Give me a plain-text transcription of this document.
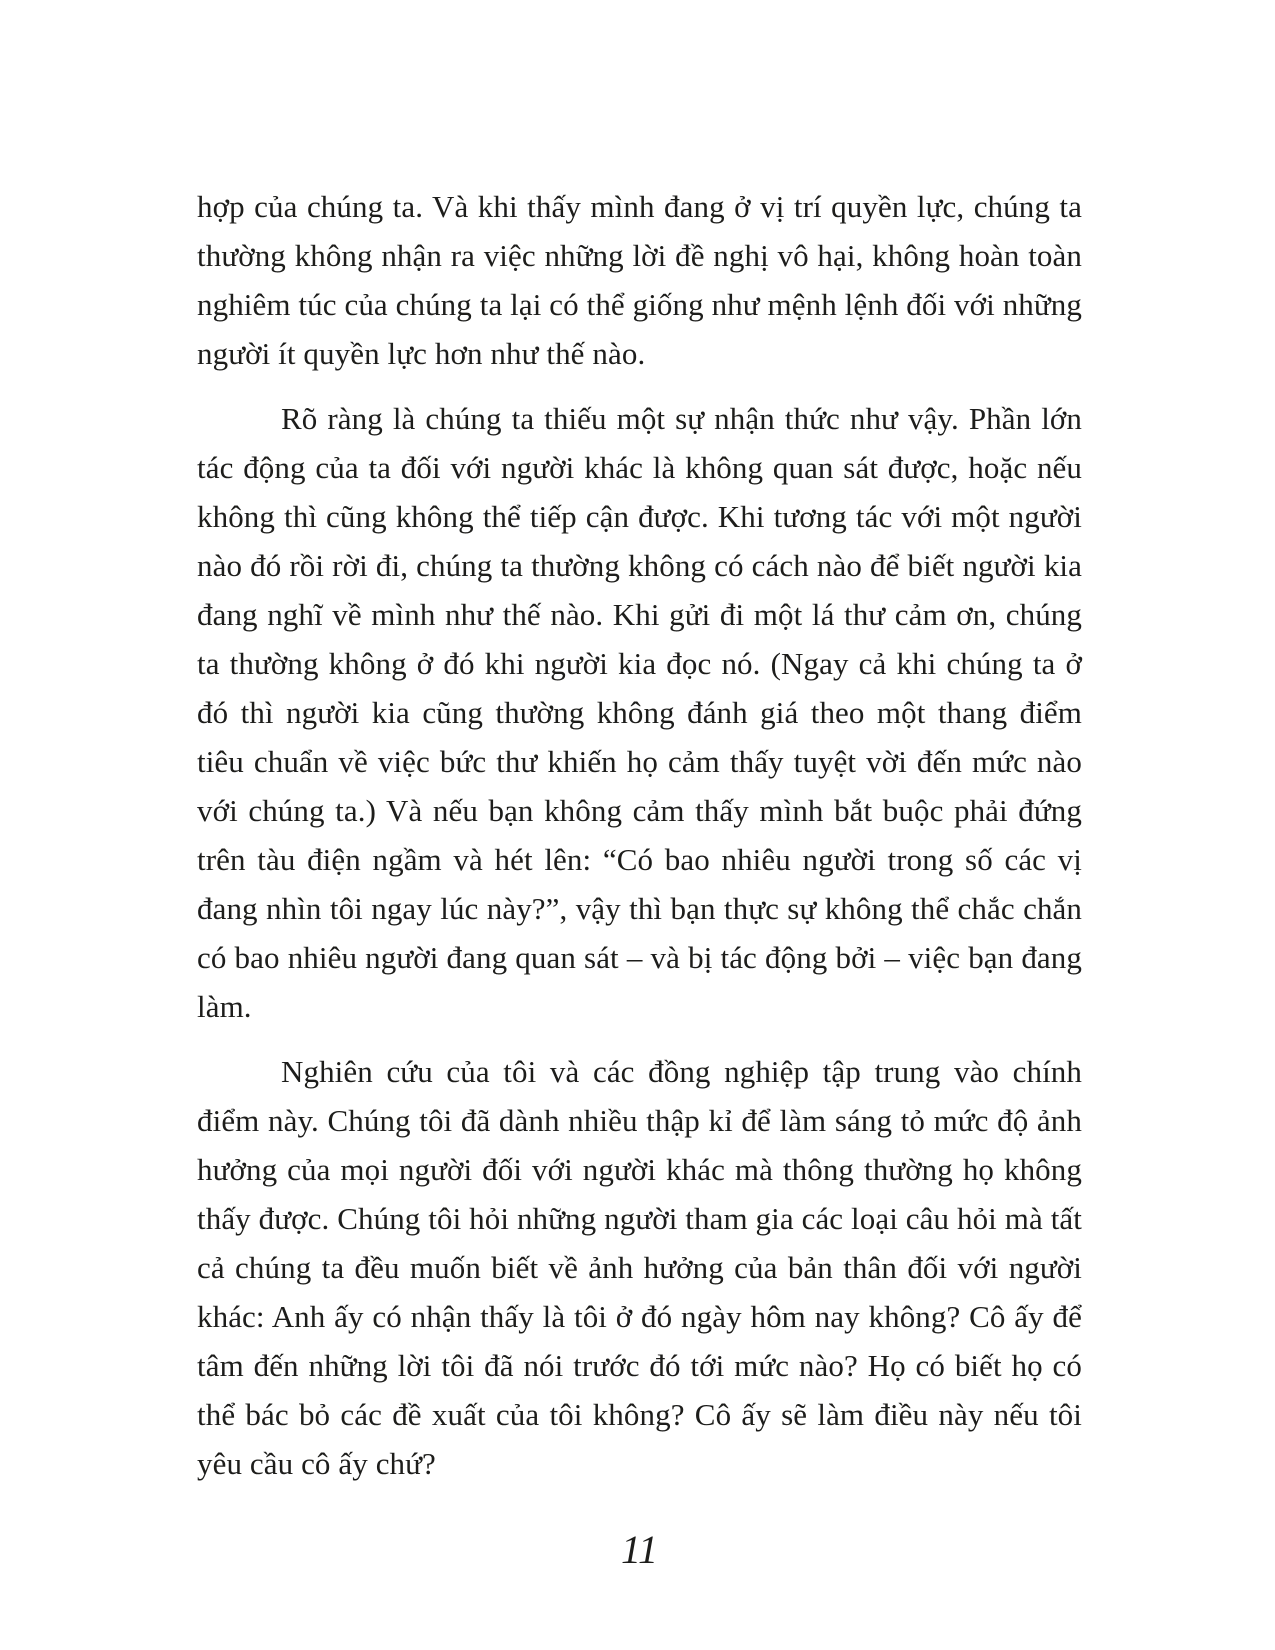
hợp của chúng ta. Và khi thấy mình đang ở vị trí quyền lực, chúng ta thường không nhận ra việc những lời đề nghị vô hại, không hoàn toàn nghiêm túc của chúng ta lại có thể giống như mệnh lệnh đối với những người ít quyền lực hơn như thế nào.

Rõ ràng là chúng ta thiếu một sự nhận thức như vậy. Phần lớn tác động của ta đối với người khác là không quan sát được, hoặc nếu không thì cũng không thể tiếp cận được. Khi tương tác với một người nào đó rồi rời đi, chúng ta thường không có cách nào để biết người kia đang nghĩ về mình như thế nào. Khi gửi đi một lá thư cảm ơn, chúng ta thường không ở đó khi người kia đọc nó. (Ngay cả khi chúng ta ở đó thì người kia cũng thường không đánh giá theo một thang điểm tiêu chuẩn về việc bức thư khiến họ cảm thấy tuyệt vời đến mức nào với chúng ta.) Và nếu bạn không cảm thấy mình bắt buộc phải đứng trên tàu điện ngầm và hét lên: “Có bao nhiêu người trong số các vị đang nhìn tôi ngay lúc này?”, vậy thì bạn thực sự không thể chắc chắn có bao nhiêu người đang quan sát – và bị tác động bởi – việc bạn đang làm.

Nghiên cứu của tôi và các đồng nghiệp tập trung vào chính điểm này. Chúng tôi đã dành nhiều thập kỉ để làm sáng tỏ mức độ ảnh hưởng của mọi người đối với người khác mà thông thường họ không thấy được. Chúng tôi hỏi những người tham gia các loại câu hỏi mà tất cả chúng ta đều muốn biết về ảnh hưởng của bản thân đối với người khác: Anh ấy có nhận thấy là tôi ở đó ngày hôm nay không? Cô ấy để tâm đến những lời tôi đã nói trước đó tới mức nào? Họ có biết họ có thể bác bỏ các đề xuất của tôi không? Cô ấy sẽ làm điều này nếu tôi yêu cầu cô ấy chứ?

11
